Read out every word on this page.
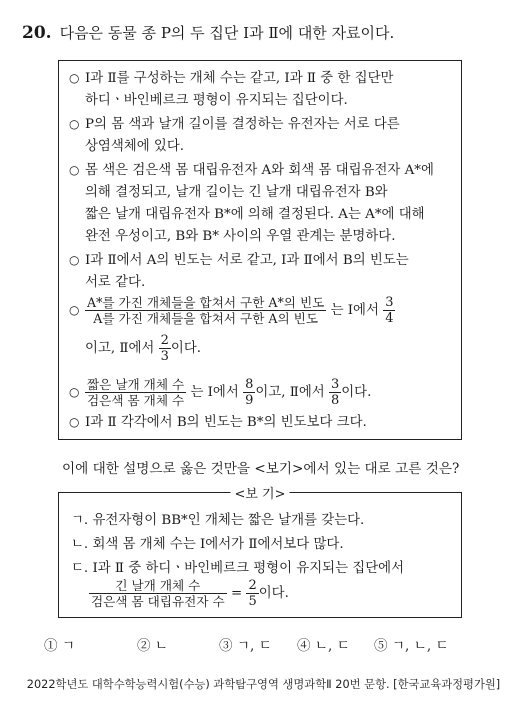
20. 다음은 동물 종 P의 두 집단 Ⅰ과 Ⅱ에 대한 자료이다.
○ Ⅰ과 Ⅱ를 구성하는 개체 수는 같고, Ⅰ과 Ⅱ 중 한 집단만
하디ㆍ바인베르크 평형이 유지되는 집단이다.
○ P의 몸 색과 날개 길이를 결정하는 유전자는 서로 다른
상염색체에 있다.
○ 몸 색은 검은색 몸 대립유전자 A와 회색 몸 대립유전자 A*에
의해 결정되고, 날개 길이는 긴 날개 대립유전자 B와
짧은 날개 대립유전자 B*에 의해 결정된다. A는 A*에 대해
완전 우성이고, B와 B* 사이의 우열 관계는 분명하다.
○ Ⅰ과 Ⅱ에서 A의 빈도는 서로 같고, Ⅰ과 Ⅱ에서 B의 빈도는
서로 같다.
○ $\frac{\text{A*를 가진 개체들을 합쳐서 구한 A*의 빈도}}{\text{A를 가진 개체들을 합쳐서 구한 A의 빈도}}$ 는 Ⅰ에서 $\frac{3}{4}$
이고, Ⅱ에서 $\frac{2}{3}$ 이다.
○ $\frac{\text{짧은 날개 개체 수}}{\text{검은색 몸 개체 수}}$ 는 Ⅰ에서 $\frac{8}{9}$ 이고, Ⅱ에서 $\frac{3}{8}$ 이다.
○ Ⅰ과 Ⅱ 각각에서 B의 빈도는 B*의 빈도보다 크다.
이에 대한 설명으로 옳은 것만을 <보기>에서 있는 대로 고른 것은?
<보 기>
ㄱ. 유전자형이 BB*인 개체는 짧은 날개를 갖는다.
ㄴ. 회색 몸 개체 수는 Ⅰ에서가 Ⅱ에서보다 많다.
ㄷ. Ⅰ과 Ⅱ 중 하디ㆍ바인베르크 평형이 유지되는 집단에서
$\frac{\text{긴 날개 개체 수}}{\text{검은색 몸 대립유전자 수}} = \frac{2}{5}$ 이다.
① ㄱ	② ㄴ	③ ㄱ, ㄷ ④ ㄴ, ㄷ ⑤ ㄱ, ㄴ, ㄷ
2022학년도 대학수학능력시험(수능) 과학탐구영역 생명과학Ⅱ 20번 문항. [한국교육과정평가원]
